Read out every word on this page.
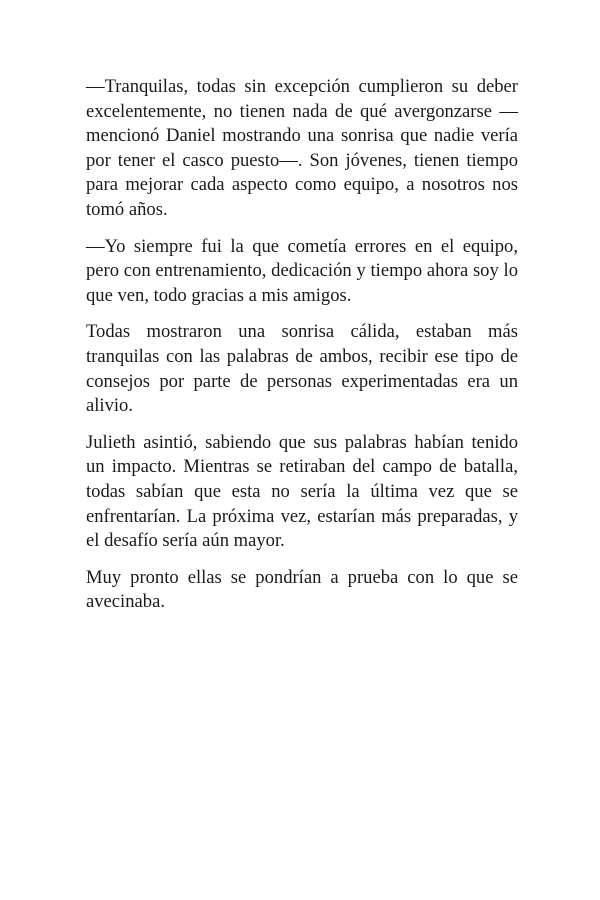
—Tranquilas, todas sin excepción cumplieron su deber excelentemente, no tienen nada de qué avergonzarse —mencionó Daniel mostrando una sonrisa que nadie vería por tener el casco puesto—. Son jóvenes, tienen tiempo para mejorar cada aspecto como equipo, a nosotros nos tomó años.

—Yo siempre fui la que cometía errores en el equipo, pero con entrenamiento, dedicación y tiempo ahora soy lo que ven, todo gracias a mis amigos.

Todas mostraron una sonrisa cálida, estaban más tranquilas con las palabras de ambos, recibir ese tipo de consejos por parte de personas experimentadas era un alivio.

Julieth asintió, sabiendo que sus palabras habían tenido un impacto. Mientras se retiraban del campo de batalla, todas sabían que esta no sería la última vez que se enfrentarían. La próxima vez, estarían más preparadas, y el desafío sería aún mayor.

Muy pronto ellas se pondrían a prueba con lo que se avecinaba.
